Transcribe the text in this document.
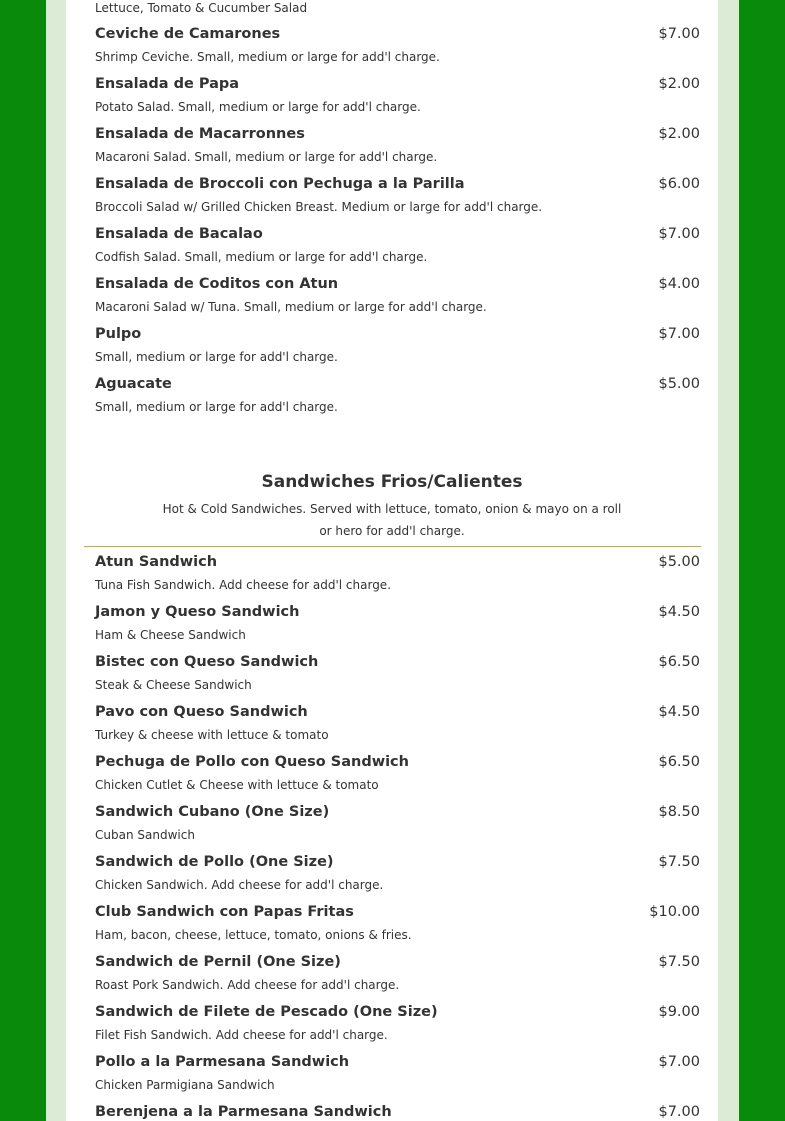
Lettuce, Tomato & Cucumber Salad
Ceviche de Camarones	$7.00
Shrimp Ceviche. Small, medium or large for add'l charge.
Ensalada de Papa	$2.00
Potato Salad. Small, medium or large for add'l charge.
Ensalada de Macarronnes	$2.00
Macaroni Salad. Small, medium or large for add'l charge.
Ensalada de Broccoli con Pechuga a la Parilla	$6.00
Broccoli Salad w/ Grilled Chicken Breast. Medium or large for add'l charge.
Ensalada de Bacalao	$7.00
Codfish Salad. Small, medium or large for add'l charge.
Ensalada de Coditos con Atun	$4.00
Macaroni Salad w/ Tuna. Small, medium or large for add'l charge.
Pulpo	$7.00
Small, medium or large for add'l charge.
Aguacate	$5.00
Small, medium or large for add'l charge.
Sandwiches Frios/Calientes
Hot & Cold Sandwiches. Served with lettuce, tomato, onion & mayo on a roll or hero for add'l charge.
Atun Sandwich	$5.00
Tuna Fish Sandwich. Add cheese for add'l charge.
Jamon y Queso Sandwich	$4.50
Ham & Cheese Sandwich
Bistec con Queso Sandwich	$6.50
Steak & Cheese Sandwich
Pavo con Queso Sandwich	$4.50
Turkey & cheese with lettuce & tomato
Pechuga de Pollo con Queso Sandwich	$6.50
Chicken Cutlet & Cheese with lettuce & tomato
Sandwich Cubano (One Size)	$8.50
Cuban Sandwich
Sandwich de Pollo (One Size)	$7.50
Chicken Sandwich. Add cheese for add'l charge.
Club Sandwich con Papas Fritas	$10.00
Ham, bacon, cheese, lettuce, tomato, onions & fries.
Sandwich de Pernil (One Size)	$7.50
Roast Pork Sandwich. Add cheese for add'l charge.
Sandwich de Filete de Pescado (One Size)	$9.00
Filet Fish Sandwich. Add cheese for add'l charge.
Pollo a la Parmesana Sandwich	$7.00
Chicken Parmigiana Sandwich
Berenjena a la Parmesana Sandwich	$7.00
